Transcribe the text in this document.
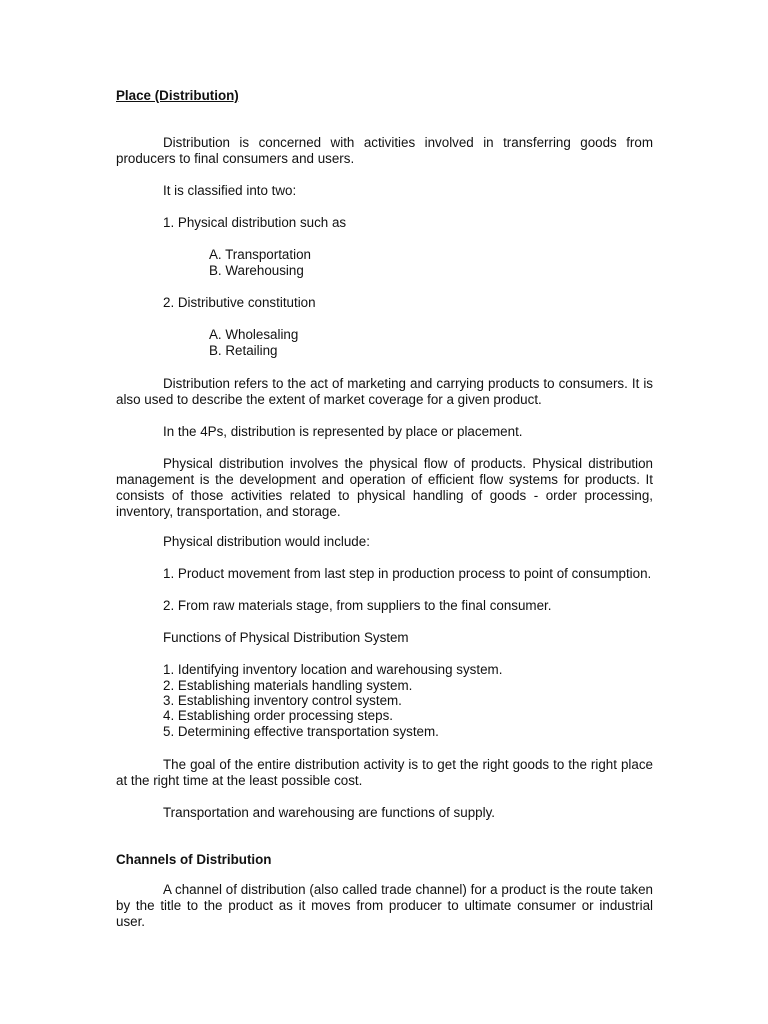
Place (Distribution)
Distribution is concerned with activities involved in transferring goods from producers to final consumers and users.
It is classified into two:
1. Physical distribution such as
A. Transportation
B. Warehousing
2. Distributive constitution
A. Wholesaling
B. Retailing
Distribution refers to the act of marketing and carrying products to consumers. It is also used to describe the extent of market coverage for a given product.
In the 4Ps, distribution is represented by place or placement.
Physical distribution involves the physical flow of products. Physical distribution management is the development and operation of efficient flow systems for products. It consists of those activities related to physical handling of goods - order processing, inventory, transportation, and storage.
Physical distribution would include:
1. Product movement from last step in production process to point of consumption.
2. From raw materials stage, from suppliers to the final consumer.
Functions of Physical Distribution System
1. Identifying inventory location and warehousing system.
2. Establishing materials handling system.
3. Establishing inventory control system.
4. Establishing order processing steps.
5. Determining effective transportation system.
The goal of the entire distribution activity is to get the right goods to the right place at the right time at the least possible cost.
Transportation and warehousing are functions of supply.
Channels of Distribution
A channel of distribution (also called trade channel) for a product is the route taken by the title to the product as it moves from producer to ultimate consumer or industrial user.
